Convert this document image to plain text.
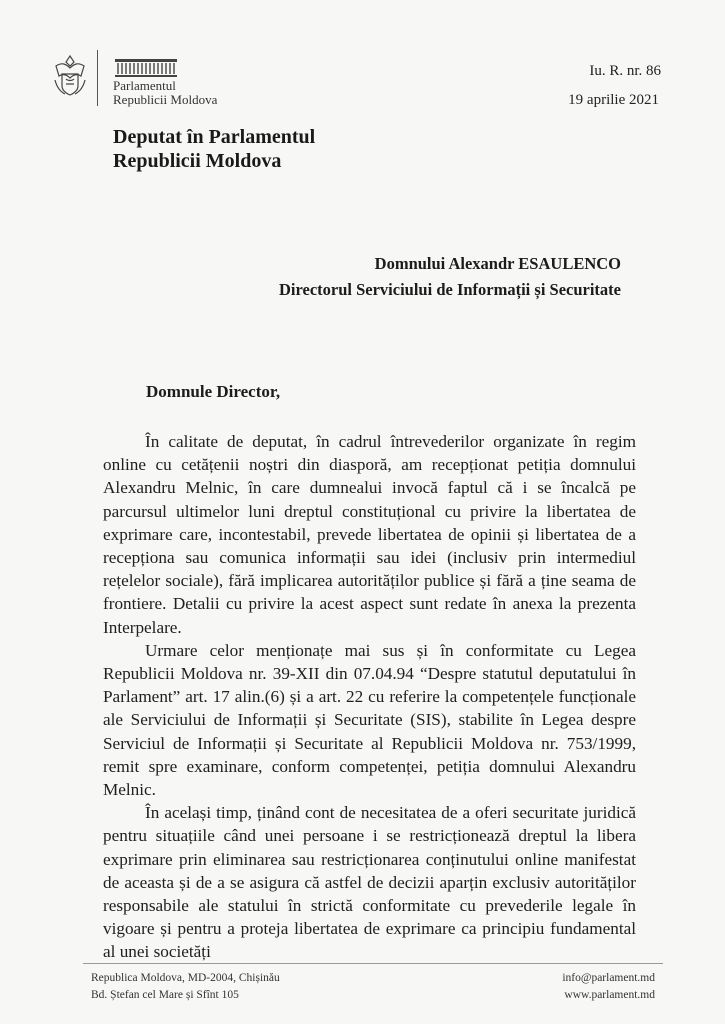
Parlamentul
Republicii Moldova
Iu. R. nr. 86
19 aprilie 2021
Deputat în Parlamentul
Republicii Moldova
Domnului Alexandr ESAULENCO
Directorul Serviciului de Informații și Securitate
Domnule Director,

În calitate de deputat, în cadrul întrevederilor organizate în regim online cu cetățenii noștri din diasporă, am recepționat petiția domnului Alexandru Melnic, în care dumnealui invocă faptul că i se încalcă pe parcursul ultimelor luni dreptul constituțional cu privire la libertatea de exprimare care, incontestabil, prevede libertatea de opinii și libertatea de a recepționa sau comunica informații sau idei (inclusiv prin intermediul rețelelor sociale), fără implicarea autorităților publice și fără a ține seama de frontiere. Detalii cu privire la acest aspect sunt redate în anexa la prezenta Interpelare.

Urmare celor menționațe mai sus și în conformitate cu Legea Republicii Moldova nr. 39-XII din 07.04.94 “Despre statutul deputatului în Parlament” art. 17 alin.(6) și a art. 22 cu referire la competențele funcționale ale Serviciului de Informații și Securitate (SIS), stabilite în Legea despre Serviciul de Informații și Securitate al Republicii Moldova nr. 753/1999, remit spre examinare, conform competenței, petiția domnului Alexandru Melnic.

În același timp, ținând cont de necesitatea de a oferi securitate juridică pentru situațiile când unei persoane i se restricționează dreptul la libera exprimare prin eliminarea sau restricționarea conținutului online manifestat de aceasta și de a se asigura că astfel de decizii aparțin exclusiv autorităților responsabile ale statului în strictă conformitate cu prevederile legale în vigoare și pentru a proteja libertatea de exprimare ca principiu fundamental al unei societăți

Republica Moldova, MD-2004, Chișinău
Bd. Ștefan cel Mare și Sfînt 105
info@parlament.md
www.parlament.md
